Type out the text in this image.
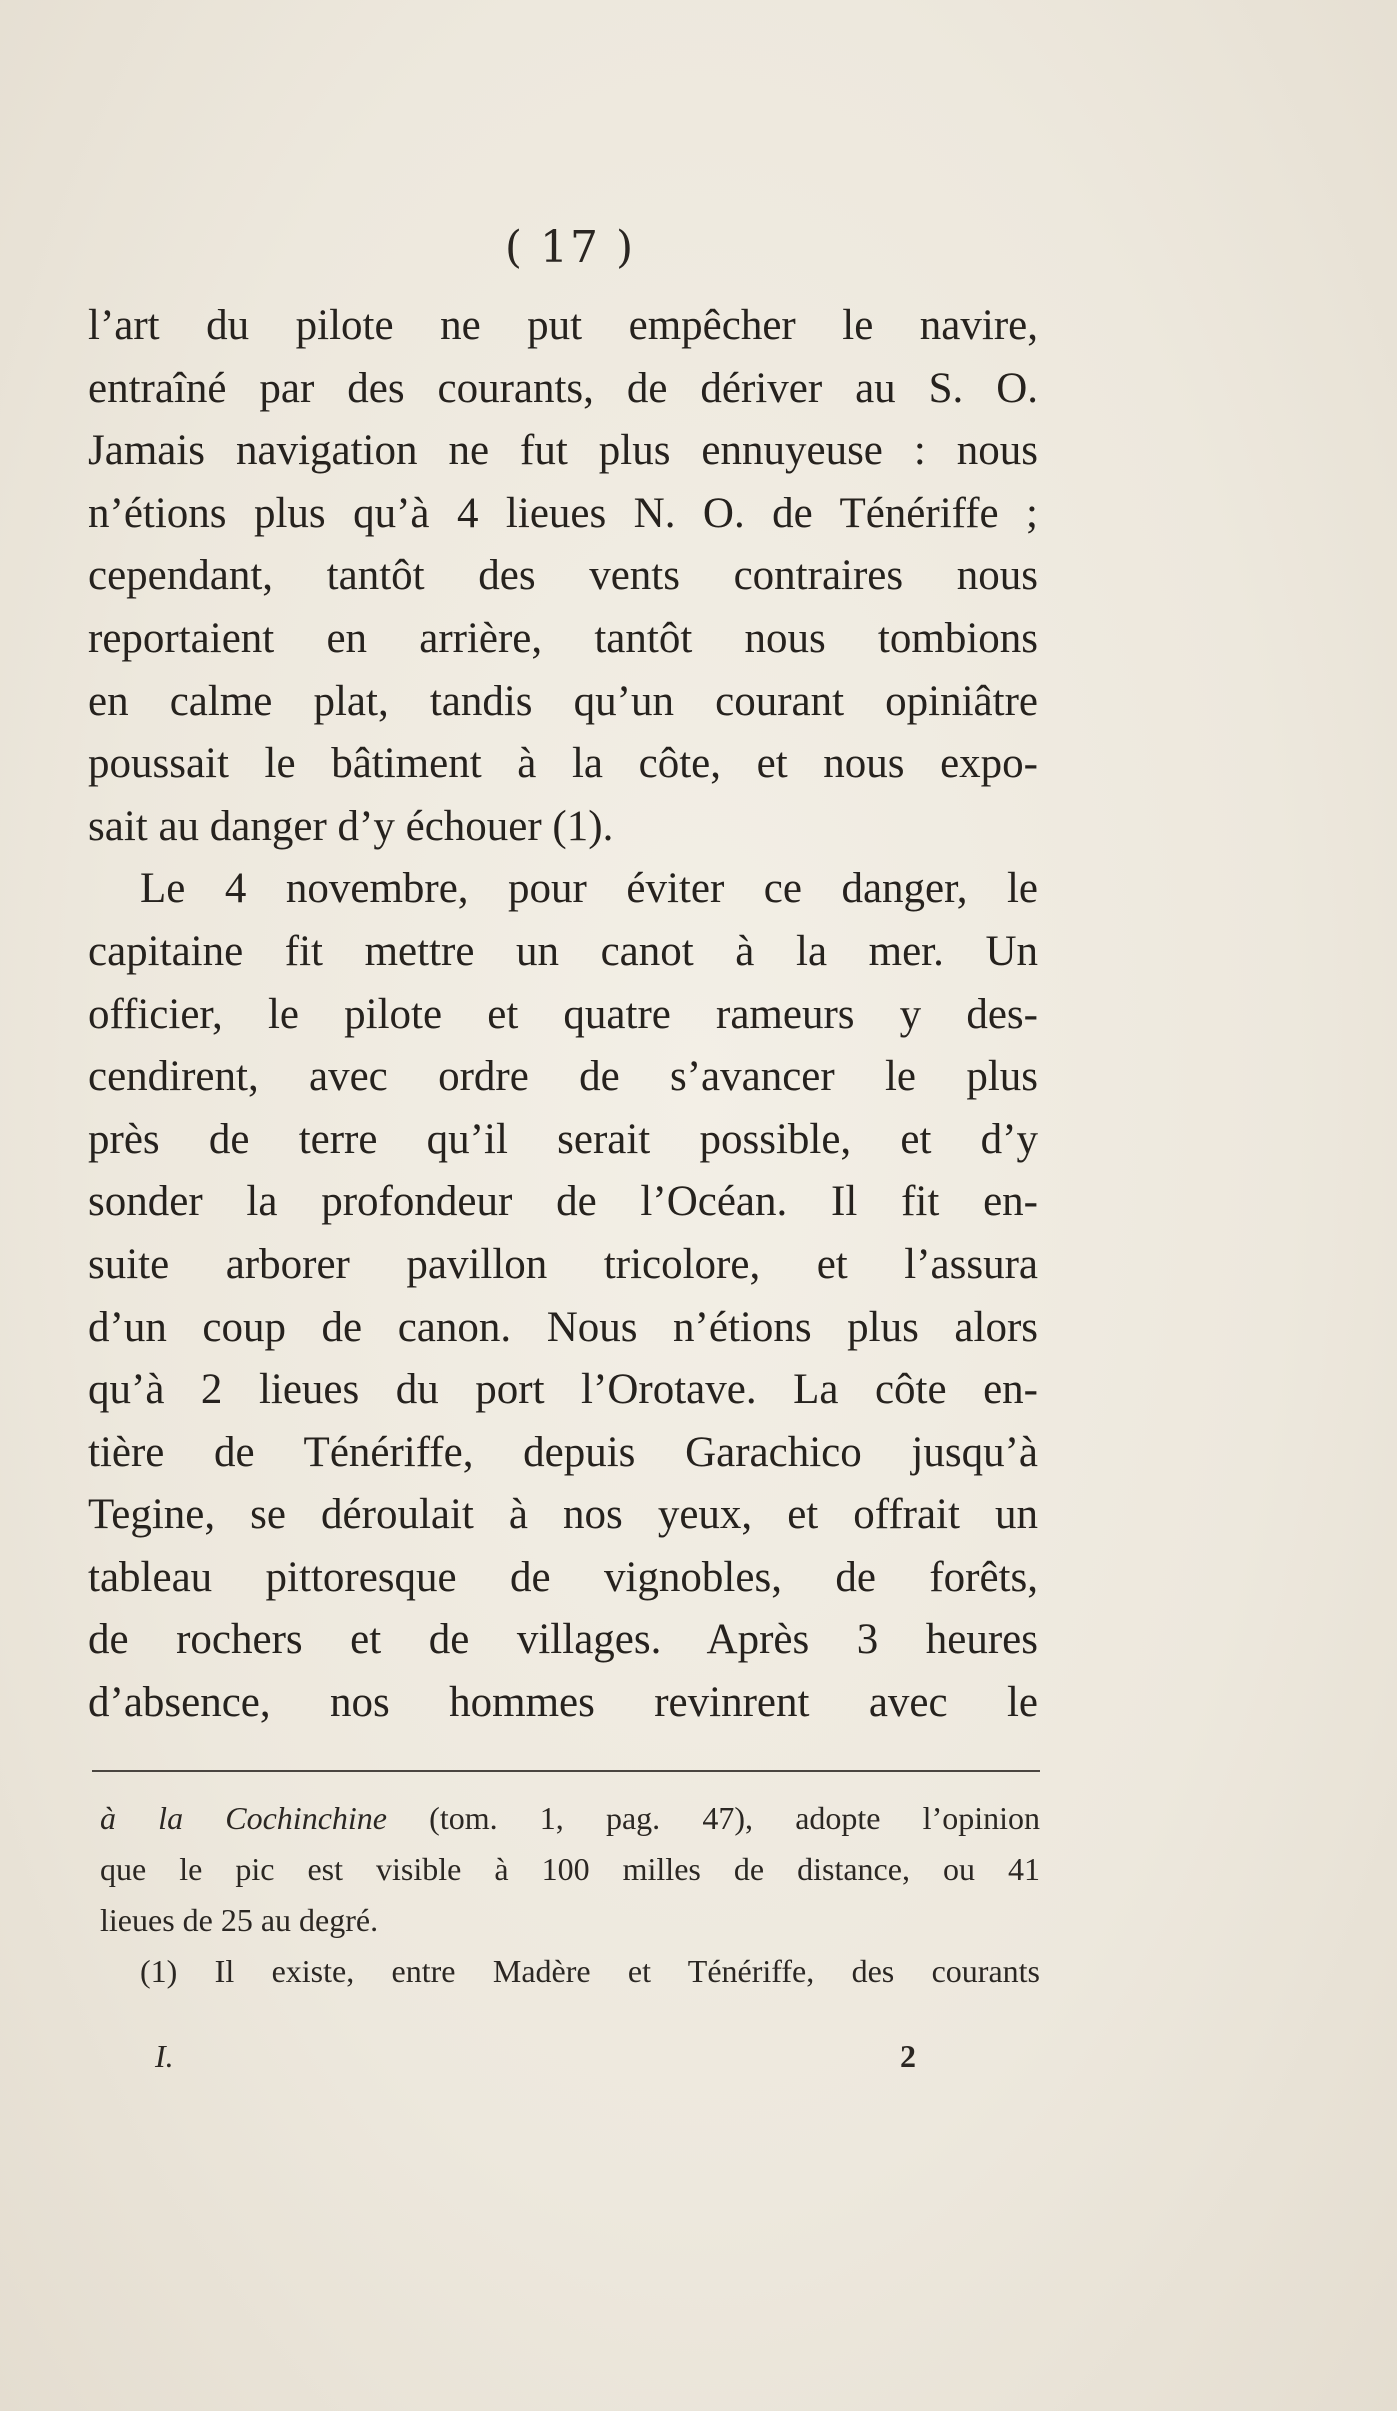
( 17 )
l’art du pilote ne put empêcher le navire,
entraîné par des courants, de dériver au S. O.
Jamais navigation ne fut plus ennuyeuse : nous
n’étions plus qu’à 4 lieues N. O. de Ténériffe ;
cependant, tantôt des vents contraires nous
reportaient en arrière, tantôt nous tombions
en calme plat, tandis qu’un courant opiniâtre
poussait le bâtiment à la côte, et nous expo-
sait au danger d’y échouer (1).
Le 4 novembre, pour éviter ce danger, le
capitaine fit mettre un canot à la mer. Un
officier, le pilote et quatre rameurs y des-
cendirent, avec ordre de s’avancer le plus
près de terre qu’il serait possible, et d’y
sonder la profondeur de l’Océan. Il fit en-
suite arborer pavillon tricolore, et l’assura
d’un coup de canon. Nous n’étions plus alors
qu’à 2 lieues du port l’Orotave. La côte en-
tière de Ténériffe, depuis Garachico jusqu’à
Tegine, se déroulait à nos yeux, et offrait un
tableau pittoresque de vignobles, de forêts,
de rochers et de villages. Après 3 heures
d’absence, nos hommes revinrent avec le
à la Cochinchine (tom. 1, pag. 47), adopte l’opinion
que le pic est visible à 100 milles de distance, ou 41
lieues de 25 au degré.
(1) Il existe, entre Madère et Ténériffe, des courants
I.	2
